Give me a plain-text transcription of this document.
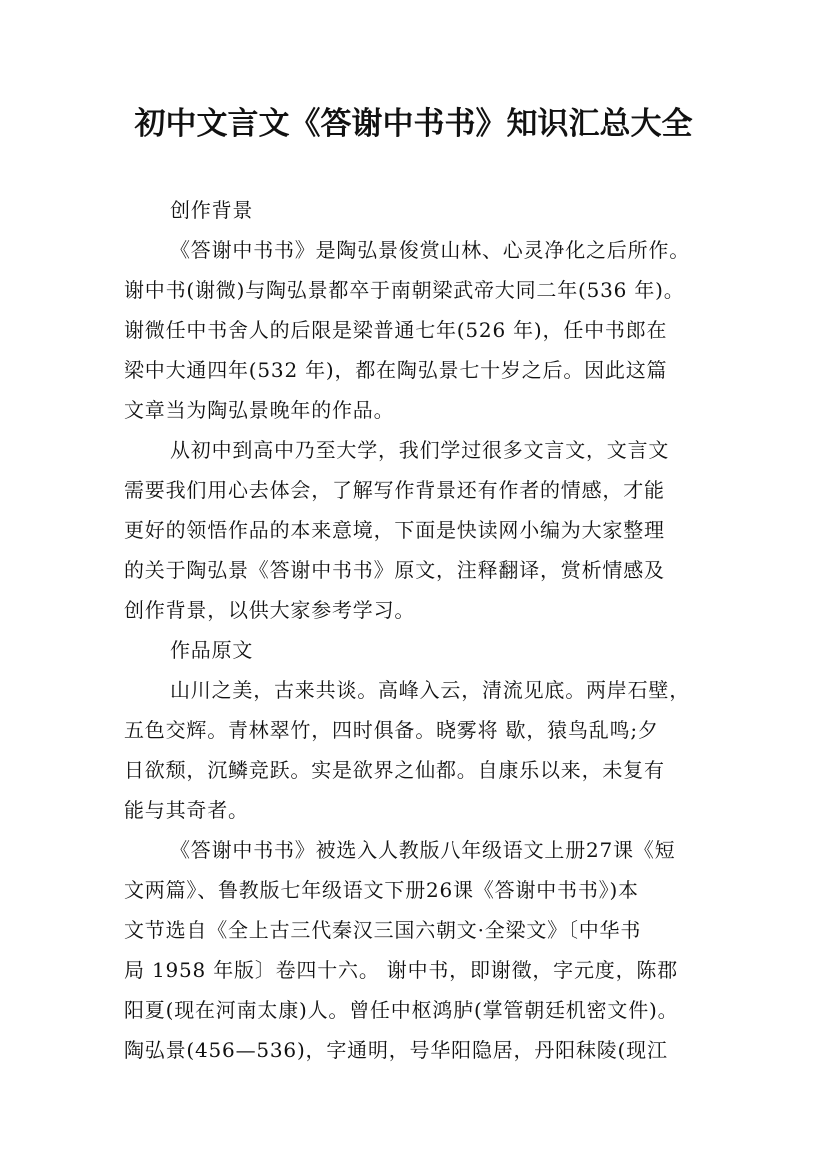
初中文言文《答谢中书书》知识汇总大全
创作背景
《答谢中书书》是陶弘景俊赏山林、心灵净化之后所作。
谢中书(谢微)与陶弘景都卒于南朝梁武帝大同二年(536 年)。
谢微任中书舍人的后限是梁普通七年(526 年)，任中书郎在
梁中大通四年(532 年)，都在陶弘景七十岁之后。因此这篇
文章当为陶弘景晚年的作品。
从初中到高中乃至大学，我们学过很多文言文，文言文
需要我们用心去体会，了解写作背景还有作者的情感，才能
更好的领悟作品的本来意境，下面是快读网小编为大家整理
的关于陶弘景《答谢中书书》原文，注释翻译，赏析情感及
创作背景，以供大家参考学习。
作品原文
山川之美，古来共谈。高峰入云，清流见底。两岸石壁，
五色交辉。青林翠竹，四时俱备。晓雾将 歇，猿鸟乱鸣;夕
日欲颓，沉鳞竞跃。实是欲界之仙都。自康乐以来，未复有
能与其奇者。
《答谢中书书》被选入人教版八年级语文上册27课《短
文两篇》、鲁教版七年级语文下册26课《答谢中书书》)本
文节选自《全上古三代秦汉三国六朝文·全梁文》〔中华书
局 1958 年版〕卷四十六。 谢中书，即谢徵，字元度，陈郡
阳夏(现在河南太康)人。曾任中枢鸿胪(掌管朝廷机密文件)。
陶弘景(456—536)，字通明，号华阳隐居，丹阳秣陵(现江
